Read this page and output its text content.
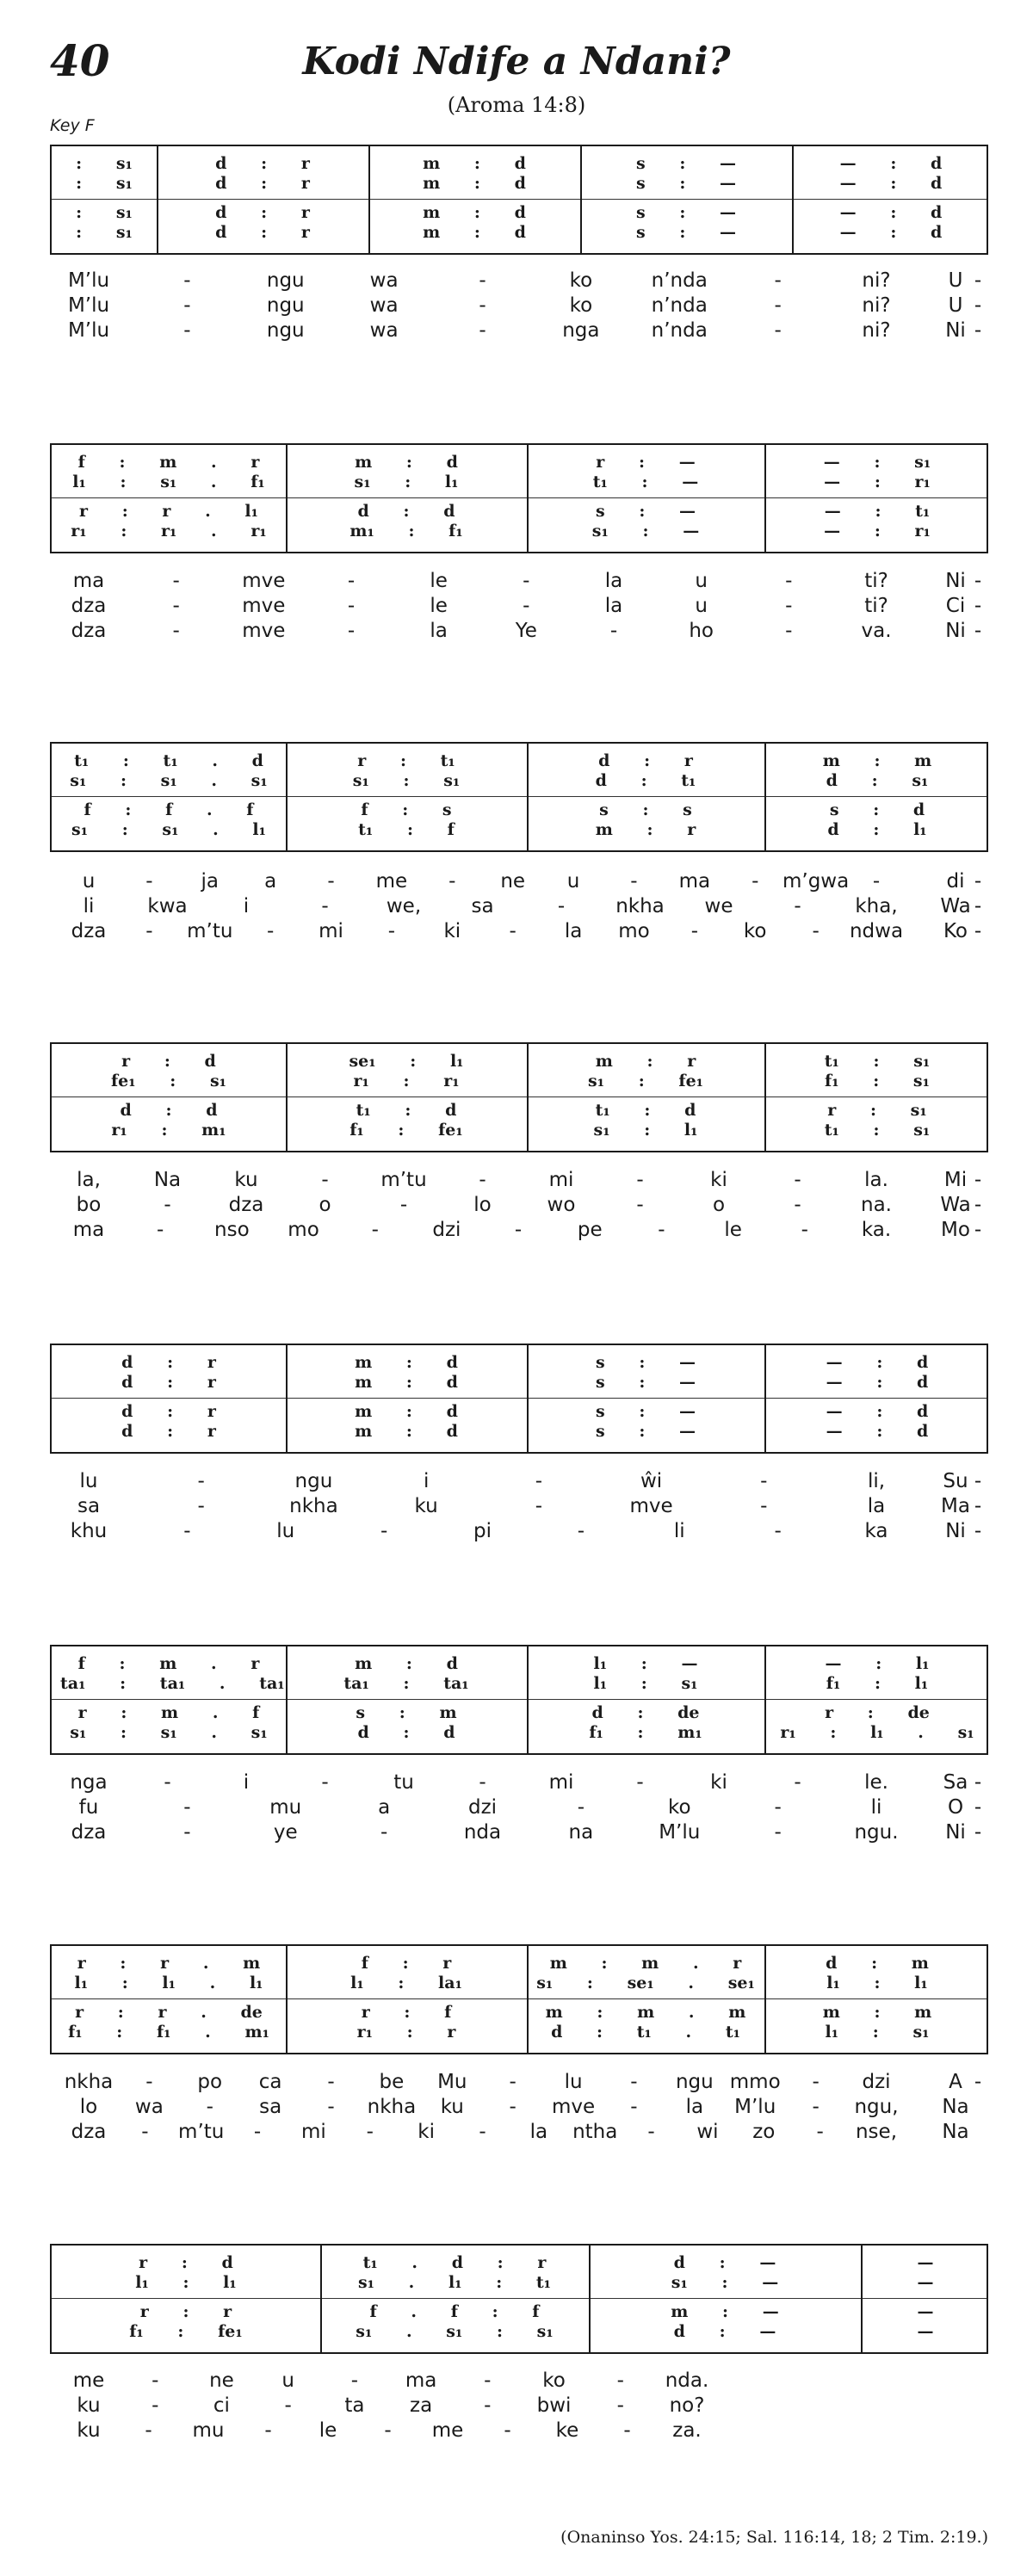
40	Kodi Ndife a Ndani?
(Aroma 14:8)
Key F
:      s₁	d      :      r	m      :      d	s      :      —	—      :      d
:      s₁	d      :      r	m      :      d	s      :      —	—      :      d
:      s₁	d      :      r	m      :      d	s      :      —	—      :      d
:      s₁	d      :      r	m      :      d	s      :      —	—      :      d
M’lu	-	ngu	wa	-	ko	n’nda	-	ni?	U -
M’lu	-	ngu	wa	-	ko	n’nda	-	ni?	U -
M’lu	-	ngu	wa	-	nga	n’nda	-	ni?	Ni -
f      :      m      .      r	m      :      d	r      :      —	—      :      s₁
l₁      :      s₁      .      f₁	s₁      :      l₁	t₁      :      —	—      :      r₁
r      :      r      .      l₁	d      :      d	s      :      —	—      :      t₁
r₁      :      r₁      .      r₁	m₁      :      f₁	s₁      :      —	—      :      r₁
ma	-	mve	-	le	-	la	u	-	ti?	Ni -
dza	-	mve	-	le	-	la	u	-	ti?	Ci -
dza	-	mve	-	la	Ye	-	ho	-	va.	Ni -
t₁      :      t₁      .      d	r      :      t₁	d      :      r	m      :      m
s₁      :      s₁      .      s₁	s₁      :      s₁	d      :      t₁	d      :      s₁
f      :      f      .      f	f      :      s	s      :      s	s      :      d
s₁      :      s₁      .      l₁	t₁      :      f	m      :      r	d      :      l₁
u	- ja a	- me - ne u	- ma - m’gwa -	di -
li	kwa	i	-	we,	sa	-	nkha we	-	kha, Wa -
dza - m’tu - mi - ki - la mo - ko - ndwa Ko -
r      :      d	se₁      :      l₁	m      :      r	t₁      :      s₁
fe₁      :      s₁	r₁      :      r₁	s₁      :      fe₁	f₁      :      s₁
d      :      d	t₁      :      d	t₁      :      d	r      :      s₁
r₁      :      m₁	f₁      :      fe₁	s₁      :      l₁	t₁      :      s₁
la,	Na	ku	-	m’tu	-	mi	-	ki	-	la.	Mi -
bo	-	dza	o	-	lo	wo	-	o	-	na. Wa -
ma	-	nso mo	-	dzi	-	pe	-	le	-	ka.	Mo -
d      :      r	m      :      d	s      :      —	—      :      d
d      :      r	m      :      d	s      :      —	—      :      d
d      :      r	m      :      d	s      :      —	—      :      d
d      :      r	m      :      d	s      :      —	—      :      d
lu	-	ngu	i	-	ŵi	-	li,	Su -
sa	-	nkha	ku	-	mve	-	la	Ma -
khu	-	lu	-	pi	-	li	-	ka	Ni -
f      :      m      .      r	m      :      d	l₁      :      —	—      :      l₁
ta₁      :      ta₁      .      ta₁	ta₁      :      ta₁	l₁      :      s₁	f₁      :      l₁
r      :      m      .      f	s      :      m	d      :      de	r      :      de
s₁      :      s₁      .      s₁	d      :      d	f₁      :      m₁	r₁      :      l₁      .      s₁
nga	-	i	-	tu	-	mi	-	ki	-	le.	Sa -
fu	-	mu	a	dzi	-	ko	-	li	O -
dza	-	ye	-	nda	na	M’lu	-	ngu. Ni -
r      :      r      .      m	f      :      r	m      :      m      .      r	d      :      m
l₁      :      l₁      .      l₁	l₁      :      la₁	s₁      :      se₁      .      se₁	l₁      :      l₁
r      :      r      .      de	r      :      f	m      :      m      .      m	m      :      m
f₁      :      f₁      .      m₁	r₁      :      r	d      :      t₁      .      t₁	l₁      :      s₁
nkha - po ca - be Mu - lu - ngu mmo - dzi	A -
lo wa - sa - nkha ku - mve - la M’lu - ngu, Na
dza - m’tu - mi - ki - la ntha - wi zo - nse, Na
r      :      d	t₁      .      d      :      r	d      :      —	—
l₁      :      l₁	s₁      .      l₁      :      t₁	s₁      :      —	—
r      :      r	f      .      f      :      f	m      :      —	—
f₁      :      fe₁	s₁      .      s₁      :      s₁	d      :      —	—
me -	ne u	- ma -	ko	- nda.
ku	-	ci	-	ta za	- bwi - no?
ku - mu - le - me - ke - za.
(Onaninso Yos. 24:15; Sal. 116:14, 18; 2 Tim. 2:19.)
